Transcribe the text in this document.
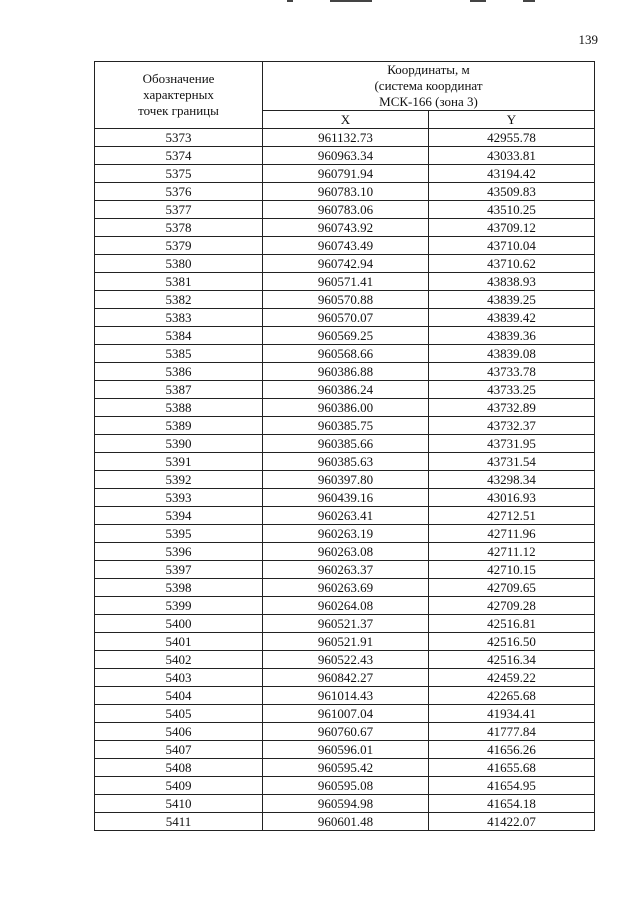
139
Обозначение
характерных
точек границы	Координаты, м
(система координат
МСК-166 (зона 3)	

	X	Y
5373	961132.73	42955.78
5374	960963.34	43033.81
5375	960791.94	43194.42
5376	960783.10	43509.83
5377	960783.06	43510.25
5378	960743.92	43709.12
5379	960743.49	43710.04
5380	960742.94	43710.62
5381	960571.41	43838.93
5382	960570.88	43839.25
5383	960570.07	43839.42
5384	960569.25	43839.36
5385	960568.66	43839.08
5386	960386.88	43733.78
5387	960386.24	43733.25
5388	960386.00	43732.89
5389	960385.75	43732.37
5390	960385.66	43731.95
5391	960385.63	43731.54
5392	960397.80	43298.34
5393	960439.16	43016.93
5394	960263.41	42712.51
5395	960263.19	42711.96
5396	960263.08	42711.12
5397	960263.37	42710.15
5398	960263.69	42709.65
5399	960264.08	42709.28
5400	960521.37	42516.81
5401	960521.91	42516.50
5402	960522.43	42516.34
5403	960842.27	42459.22
5404	961014.43	42265.68
5405	961007.04	41934.41
5406	960760.67	41777.84
5407	960596.01	41656.26
5408	960595.42	41655.68
5409	960595.08	41654.95
5410	960594.98	41654.18
5411	960601.48	41422.07
